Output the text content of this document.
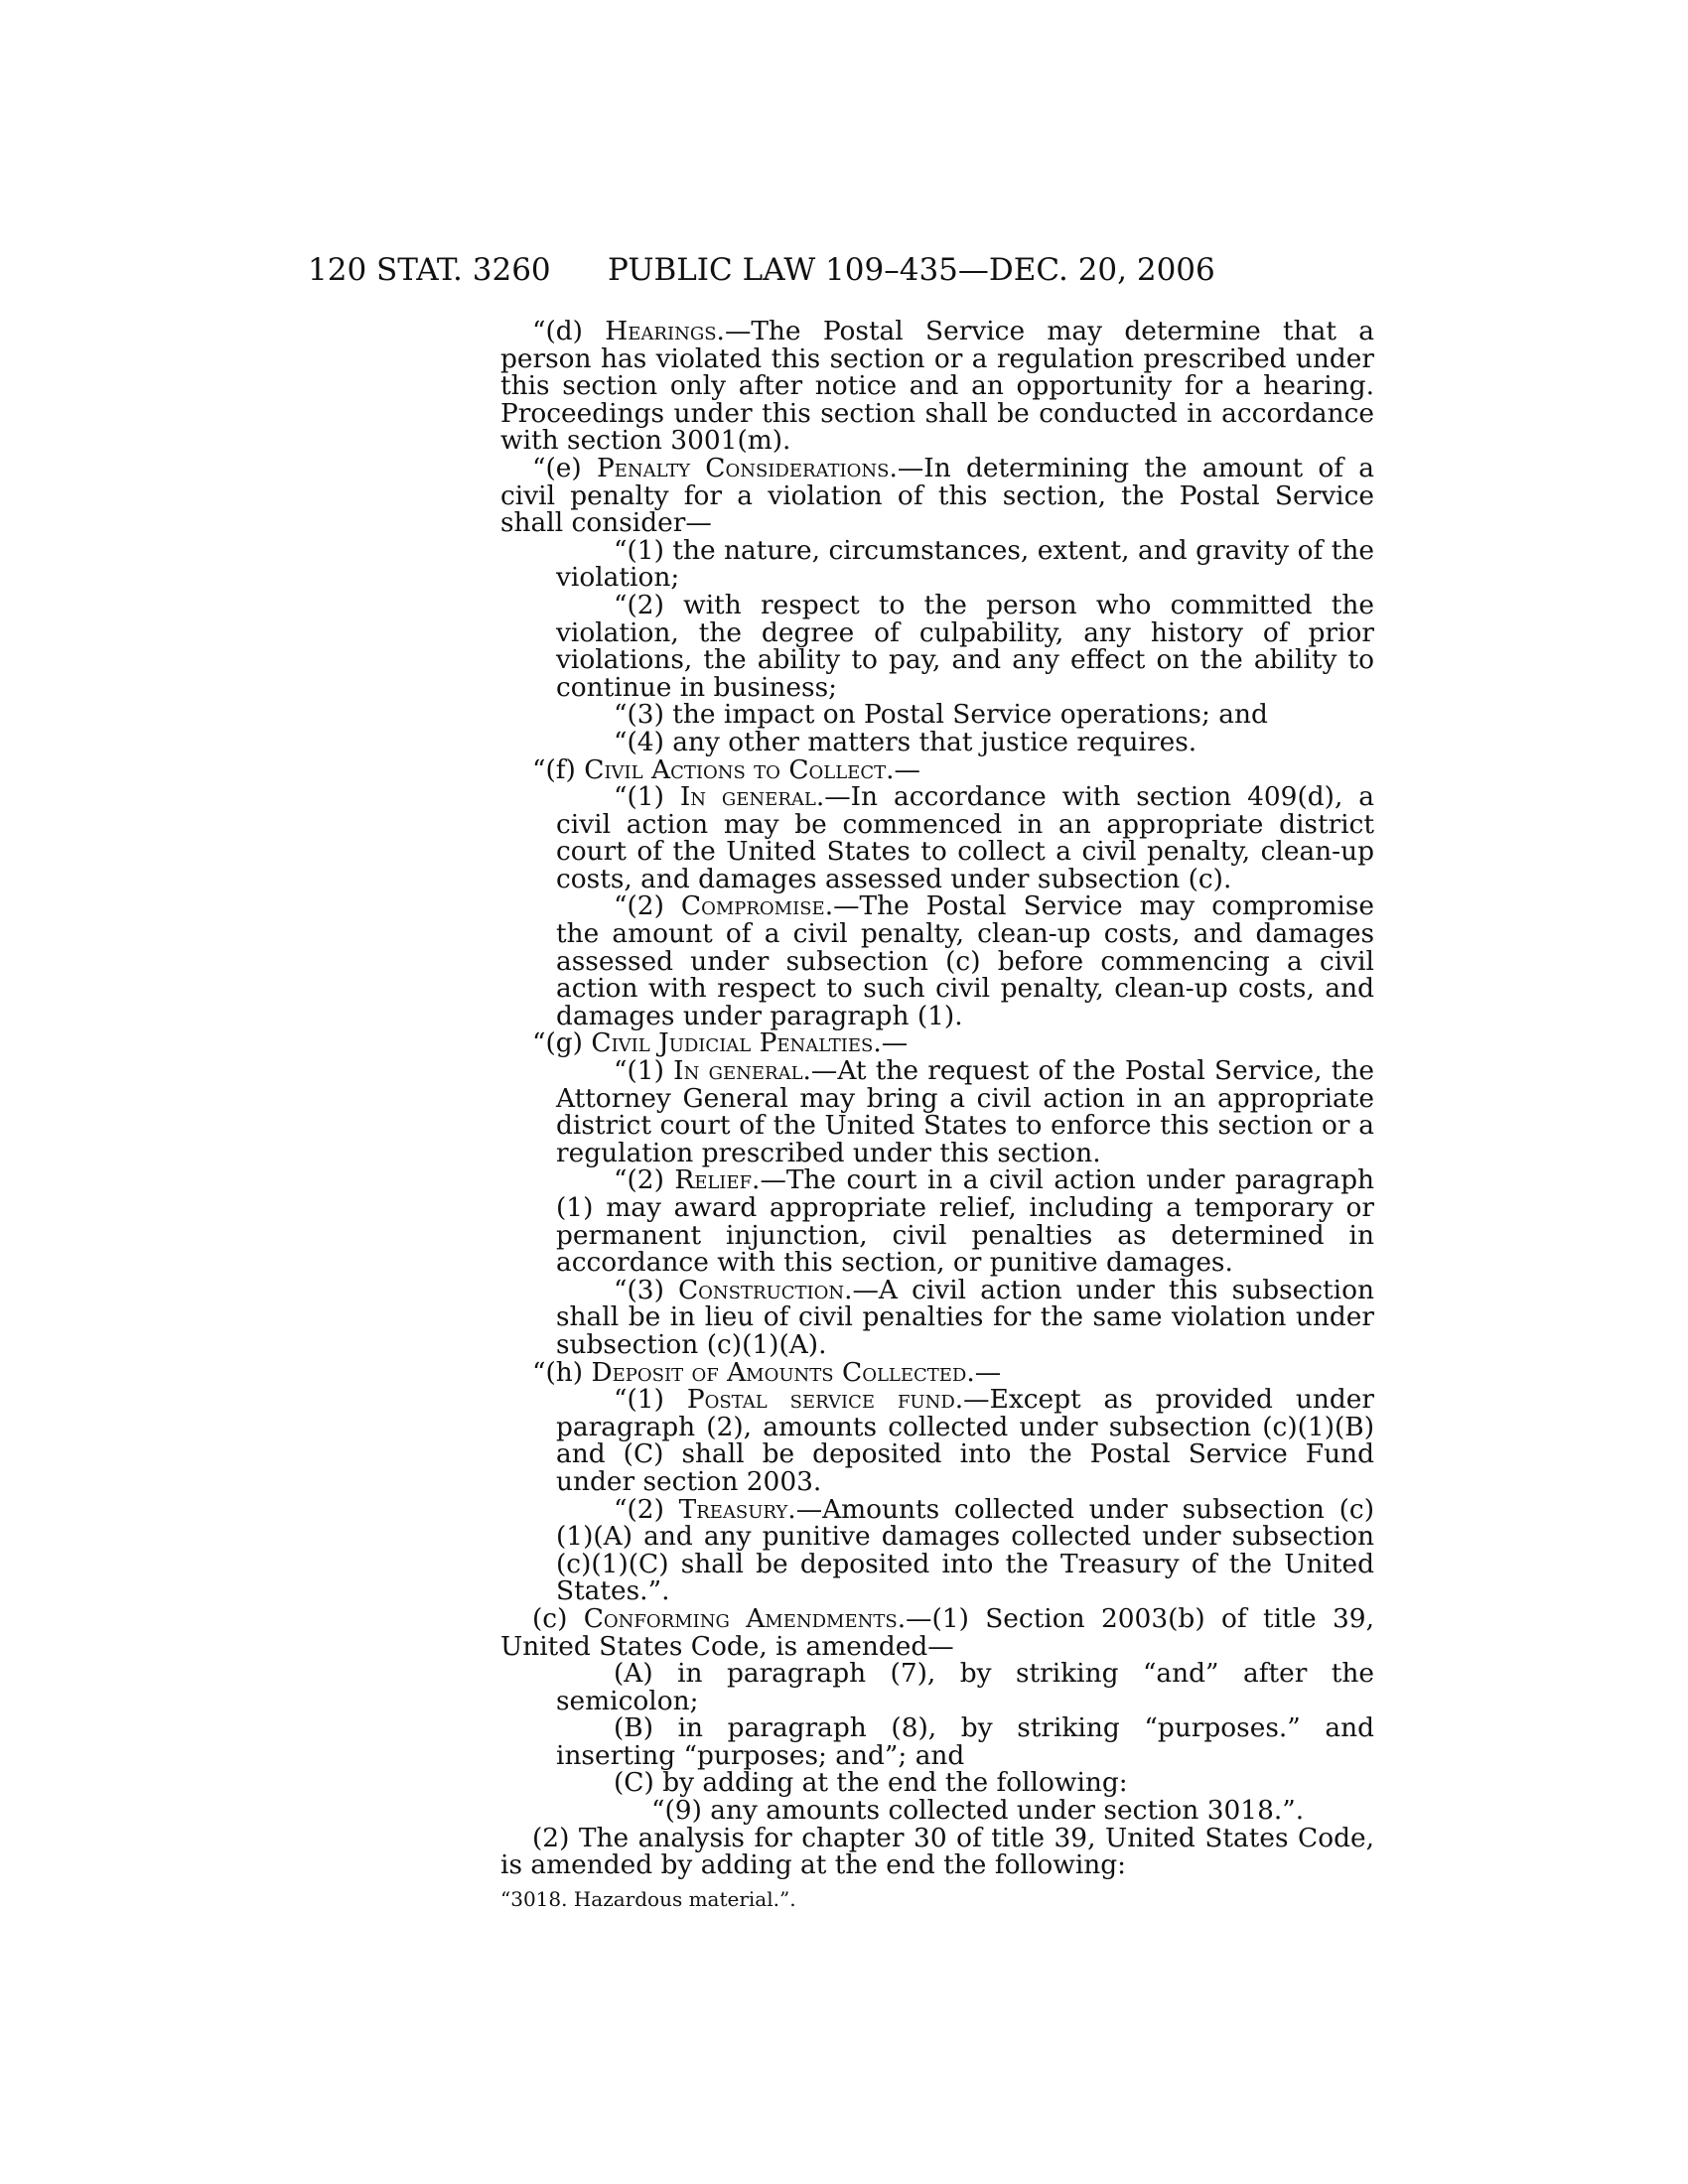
120 STAT. 3260 PUBLIC LAW 109–435—DEC. 20, 2006

“(d) Hearings.—The Postal Service may determine that a person has violated this section or a regulation prescribed under this section only after notice and an opportunity for a hearing. Proceedings under this section shall be conducted in accordance with section 3001(m).

“(e) Penalty Considerations.—In determining the amount of a civil penalty for a violation of this section, the Postal Service shall consider—

“(1) the nature, circumstances, extent, and gravity of the violation;

“(2) with respect to the person who committed the violation, the degree of culpability, any history of prior violations, the ability to pay, and any effect on the ability to continue in business;

“(3) the impact on Postal Service operations; and

“(4) any other matters that justice requires.

“(f) Civil Actions to Collect.—

“(1) In general.—In accordance with section 409(d), a civil action may be commenced in an appropriate district court of the United States to collect a civil penalty, clean-up costs, and damages assessed under subsection (c).

“(2) Compromise.—The Postal Service may compromise the amount of a civil penalty, clean-up costs, and damages assessed under subsection (c) before commencing a civil action with respect to such civil penalty, clean-up costs, and damages under paragraph (1).

“(g) Civil Judicial Penalties.—

“(1) In general.—At the request of the Postal Service, the Attorney General may bring a civil action in an appropriate district court of the United States to enforce this section or a regulation prescribed under this section.

“(2) Relief.—The court in a civil action under paragraph (1) may award appropriate relief, including a temporary or permanent injunction, civil penalties as determined in accordance with this section, or punitive damages.

“(3) Construction.—A civil action under this subsection shall be in lieu of civil penalties for the same violation under subsection (c)(1)(A).

“(h) Deposit of Amounts Collected.—

“(1) Postal service fund.—Except as provided under paragraph (2), amounts collected under subsection (c)(1)(B) and (C) shall be deposited into the Postal Service Fund under section 2003.

“(2) Treasury.—Amounts collected under subsection (c)(1)(A) and any punitive damages collected under subsection (c)(1)(C) shall be deposited into the Treasury of the United States.”.

(c) Conforming Amendments.—(1) Section 2003(b) of title 39, United States Code, is amended—

(A) in paragraph (7), by striking “and” after the semicolon;

(B) in paragraph (8), by striking “purposes.” and inserting “purposes; and”; and

(C) by adding at the end the following:

“(9) any amounts collected under section 3018.”.

(2) The analysis for chapter 30 of title 39, United States Code, is amended by adding at the end the following:

“3018. Hazardous material.”.
